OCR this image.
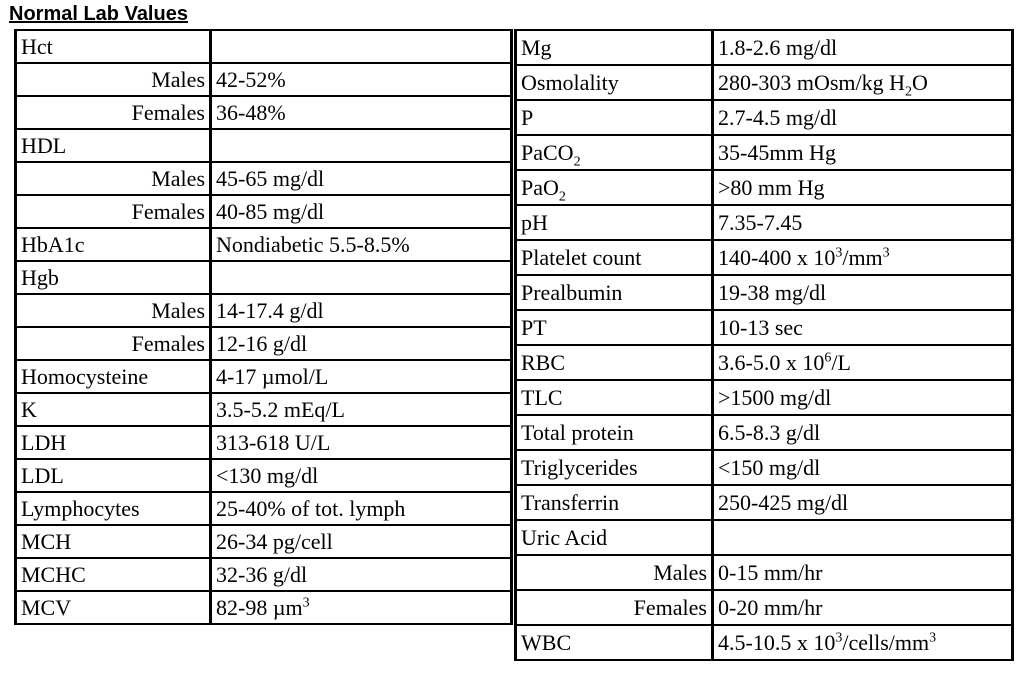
Normal Lab Values
Hct	
Males	42-52%
Females	36-48%
HDL	
Males	45-65 mg/dl
Females	40-85 mg/dl
HbA1c	Nondiabetic 5.5-8.5%
Hgb	
Males	14-17.4 g/dl
Females	12-16 g/dl
Homocysteine	4-17 µmol/L
K	3.5-5.2 mEq/L
LDH	313-618 U/L
LDL	<130 mg/dl
Lymphocytes	25-40% of tot. lymph
MCH	26-34 pg/cell
MCHC	32-36 g/dl
MCV	82-98 µm$^3$
Mg	1.8-2.6 mg/dl
Osmolality	280-303 mOsm/kg $H_2O$
P	2.7-4.5 mg/dl
PaCO$_2$	35-45mm Hg
PaO$_2$	>80 mm Hg
pH	7.35-7.45
Platelet count	140-400 x $10^3/mm^3$
Prealbumin	19-38 mg/dl
PT	10-13 sec
RBC	3.6-5.0 x $10^6/L$
TLC	>1500 mg/dl
Total protein	6.5-8.3 g/dl
Triglycerides	<150 mg/dl
Transferrin	250-425 mg/dl
Uric Acid	
Males	0-15 mm/hr
Females	0-20 mm/hr
WBC	4.5-10.5 x $10^3/cells/mm^3$
